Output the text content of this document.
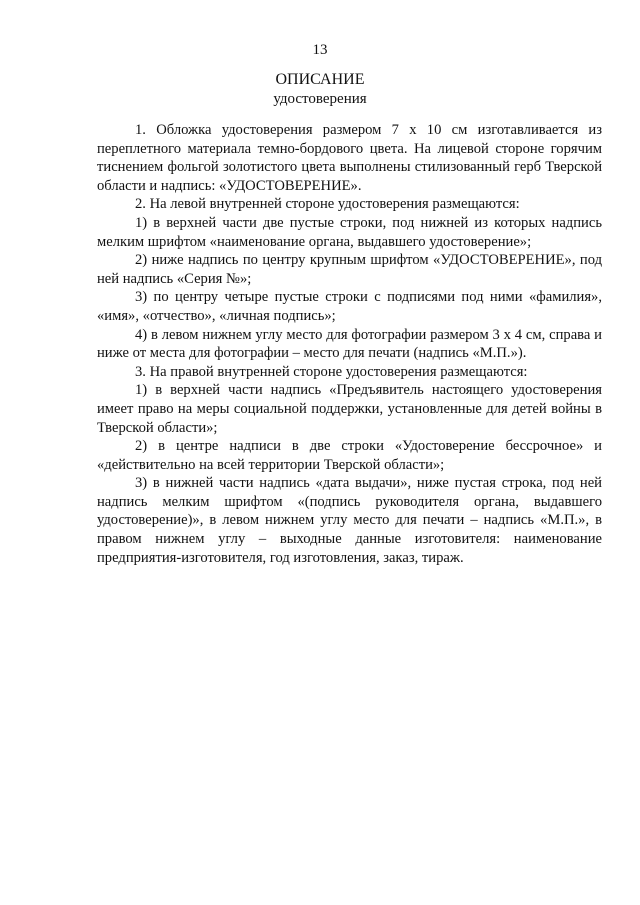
13
ОПИСАНИЕ
удостоверения

1. Обложка удостоверения размером 7 x 10 см изготавливается из переплетного материала темно-бордового цвета. На лицевой стороне горячим тиснением фольгой золотистого цвета выполнены стилизованный герб Тверской области и надпись: «УДОСТОВЕРЕНИЕ».

2. На левой внутренней стороне удостоверения размещаются:

1) в верхней части две пустые строки, под нижней из которых надпись мелким шрифтом «наименование органа, выдавшего удостоверение»;

2) ниже надпись по центру крупным шрифтом «УДОСТОВЕРЕНИЕ», под ней надпись «Серия №»;

3) по центру четыре пустые строки с подписями под ними «фамилия», «имя», «отчество», «личная подпись»;

4) в левом нижнем углу место для фотографии размером 3 x 4 см, справа и ниже от места для фотографии – место для печати (надпись «М.П.»).

3. На правой внутренней стороне удостоверения размещаются:

1) в верхней части надпись «Предъявитель настоящего удостоверения имеет право на меры социальной поддержки, установленные для детей войны в Тверской области»;

2) в центре надписи в две строки «Удостоверение бессрочное» и «действительно на всей территории Тверской области»;

3) в нижней части надпись «дата выдачи», ниже пустая строка, под ней надпись мелким шрифтом «(подпись руководителя органа, выдавшего удостоверение)», в левом нижнем углу место для печати – надпись «М.П.», в правом нижнем углу – выходные данные изготовителя: наименование предприятия-изготовителя, год изготовления, заказ, тираж.
